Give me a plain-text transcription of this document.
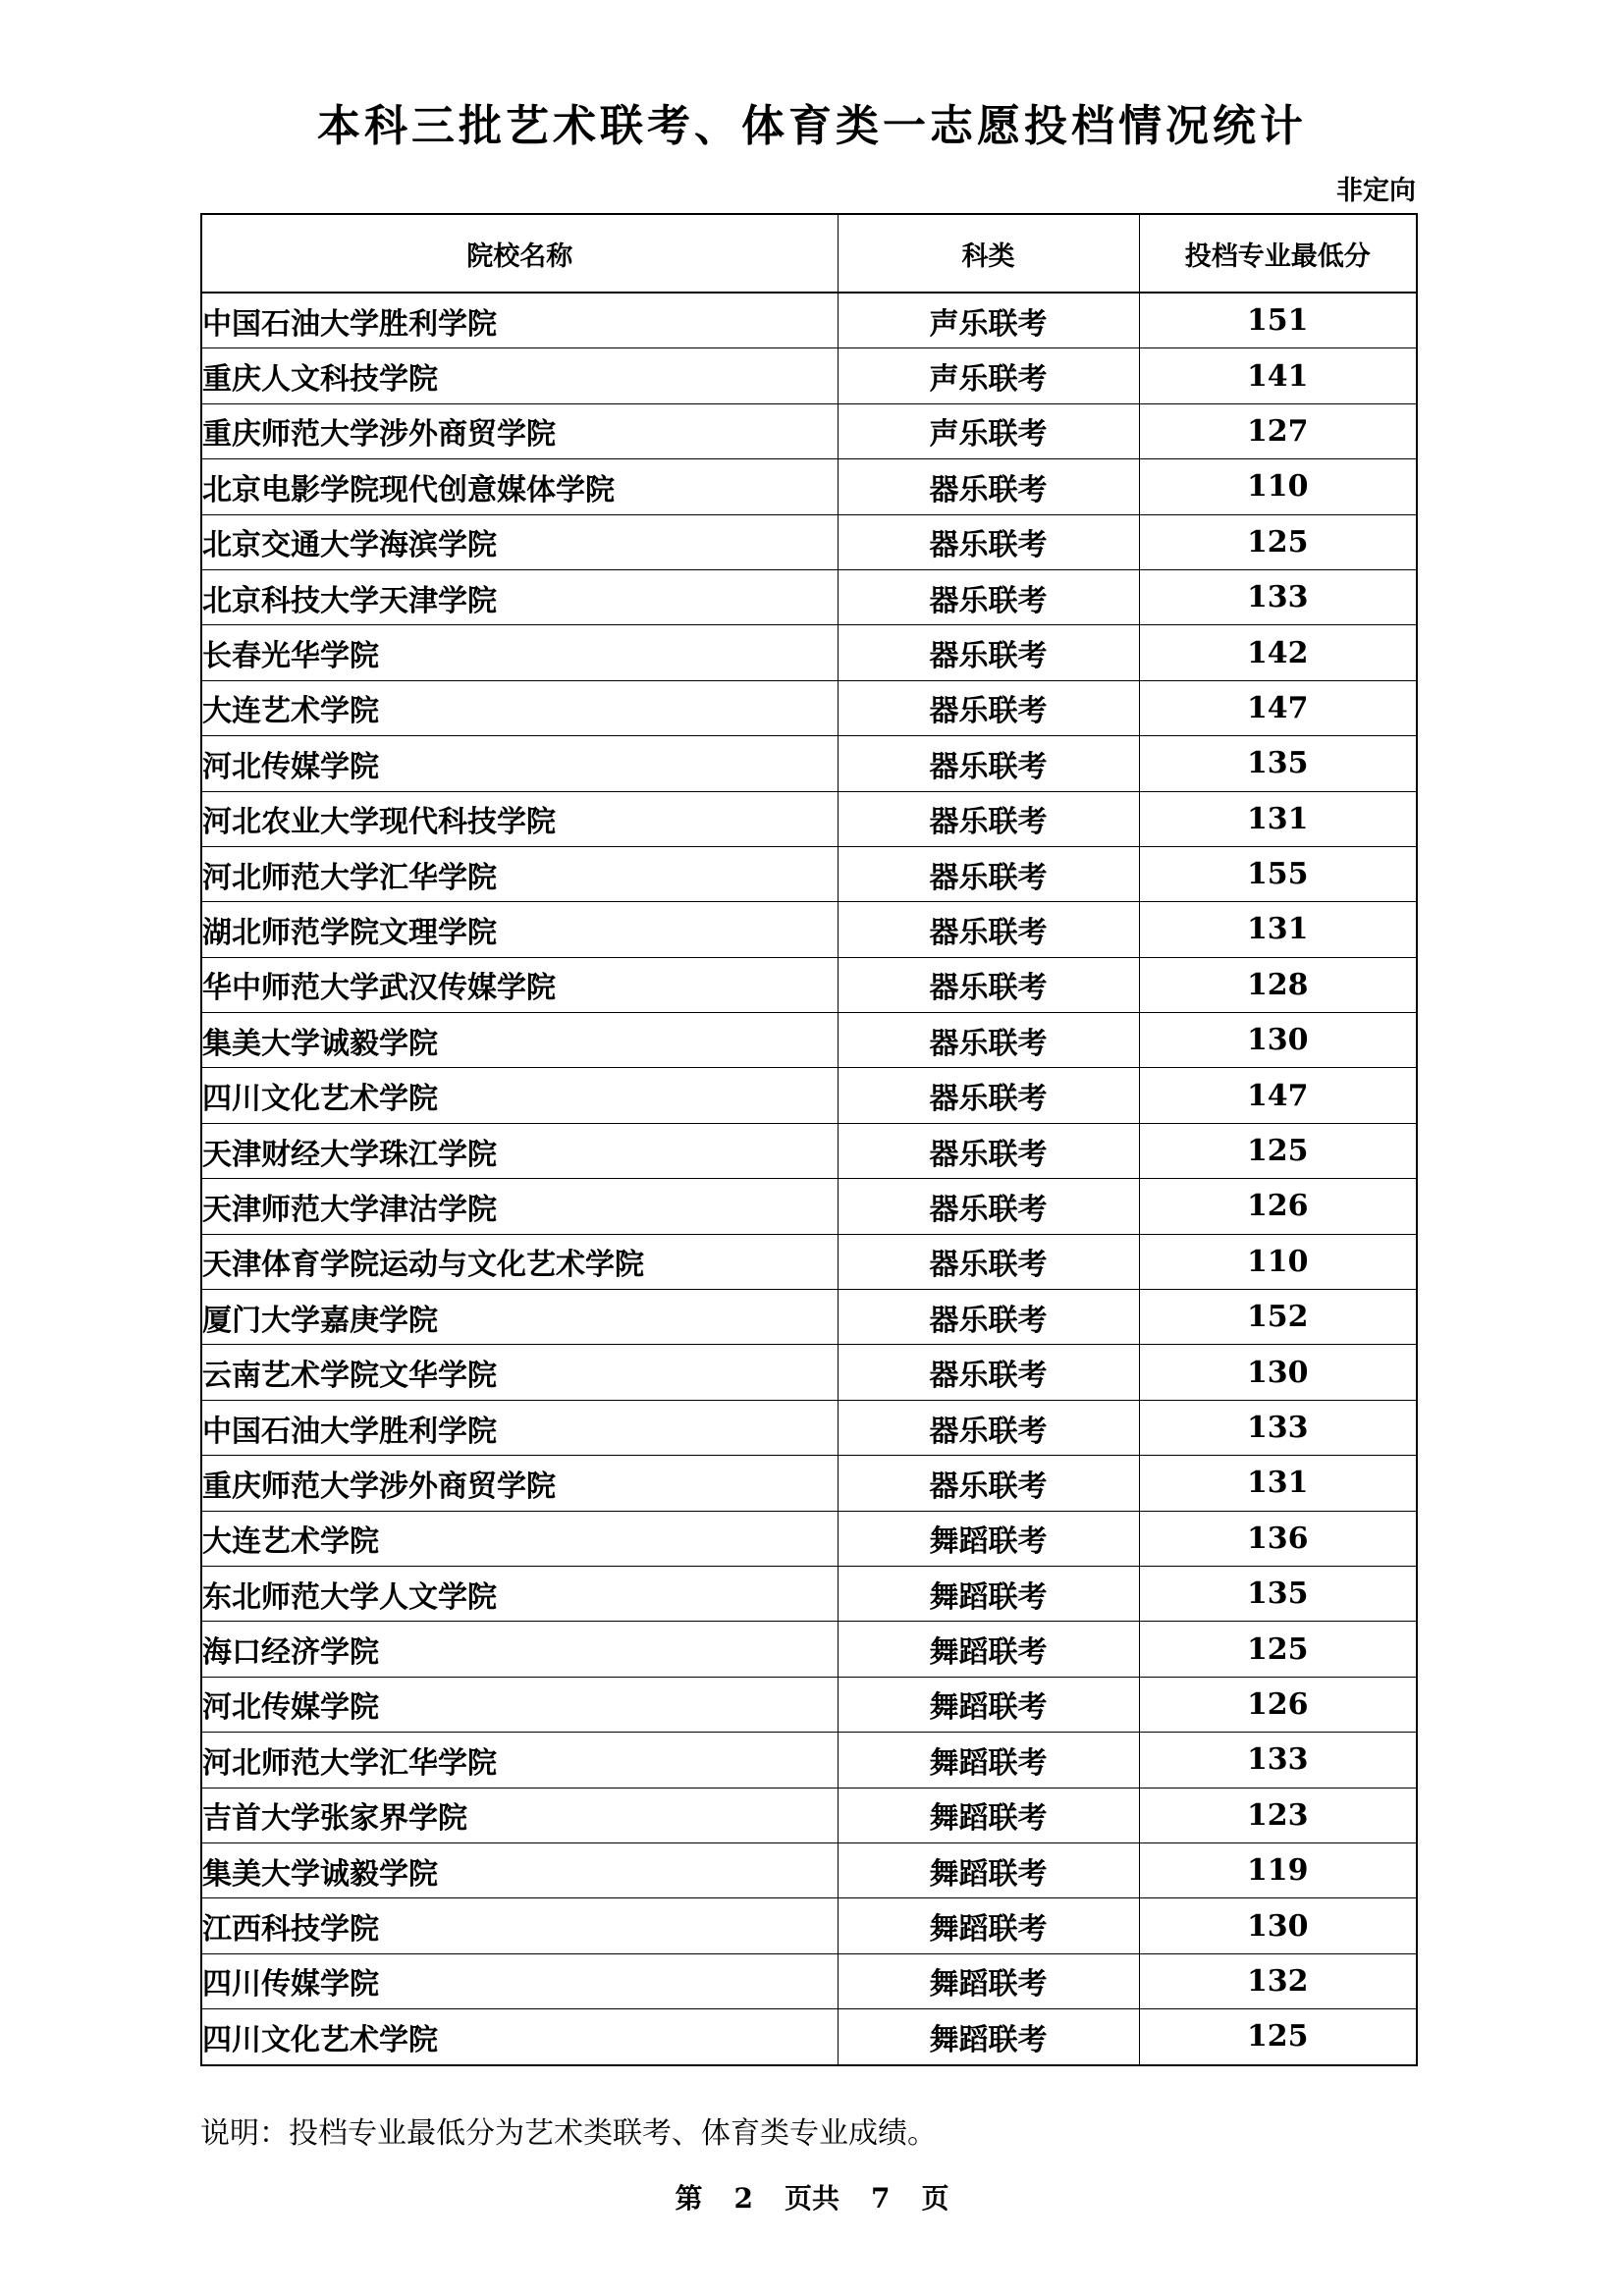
本科三批艺术联考、体育类一志愿投档情况统计
非定向
院校名称	科类	投档专业最低分
中国石油大学胜利学院	声乐联考	151
重庆人文科技学院	声乐联考	141
重庆师范大学涉外商贸学院	声乐联考	127
北京电影学院现代创意媒体学院	器乐联考	110
北京交通大学海滨学院	器乐联考	125
北京科技大学天津学院	器乐联考	133
长春光华学院	器乐联考	142
大连艺术学院	器乐联考	147
河北传媒学院	器乐联考	135
河北农业大学现代科技学院	器乐联考	131
河北师范大学汇华学院	器乐联考	155
湖北师范学院文理学院	器乐联考	131
华中师范大学武汉传媒学院	器乐联考	128
集美大学诚毅学院	器乐联考	130
四川文化艺术学院	器乐联考	147
天津财经大学珠江学院	器乐联考	125
天津师范大学津沽学院	器乐联考	126
天津体育学院运动与文化艺术学院	器乐联考	110
厦门大学嘉庚学院	器乐联考	152
云南艺术学院文华学院	器乐联考	130
中国石油大学胜利学院	器乐联考	133
重庆师范大学涉外商贸学院	器乐联考	131
大连艺术学院	舞蹈联考	136
东北师范大学人文学院	舞蹈联考	135
海口经济学院	舞蹈联考	125
河北传媒学院	舞蹈联考	126
河北师范大学汇华学院	舞蹈联考	133
吉首大学张家界学院	舞蹈联考	123
集美大学诚毅学院	舞蹈联考	119
江西科技学院	舞蹈联考	130
四川传媒学院	舞蹈联考	132
四川文化艺术学院	舞蹈联考	125
说明：投档专业最低分为艺术类联考、体育类专业成绩。
第 2 页共 7 页
